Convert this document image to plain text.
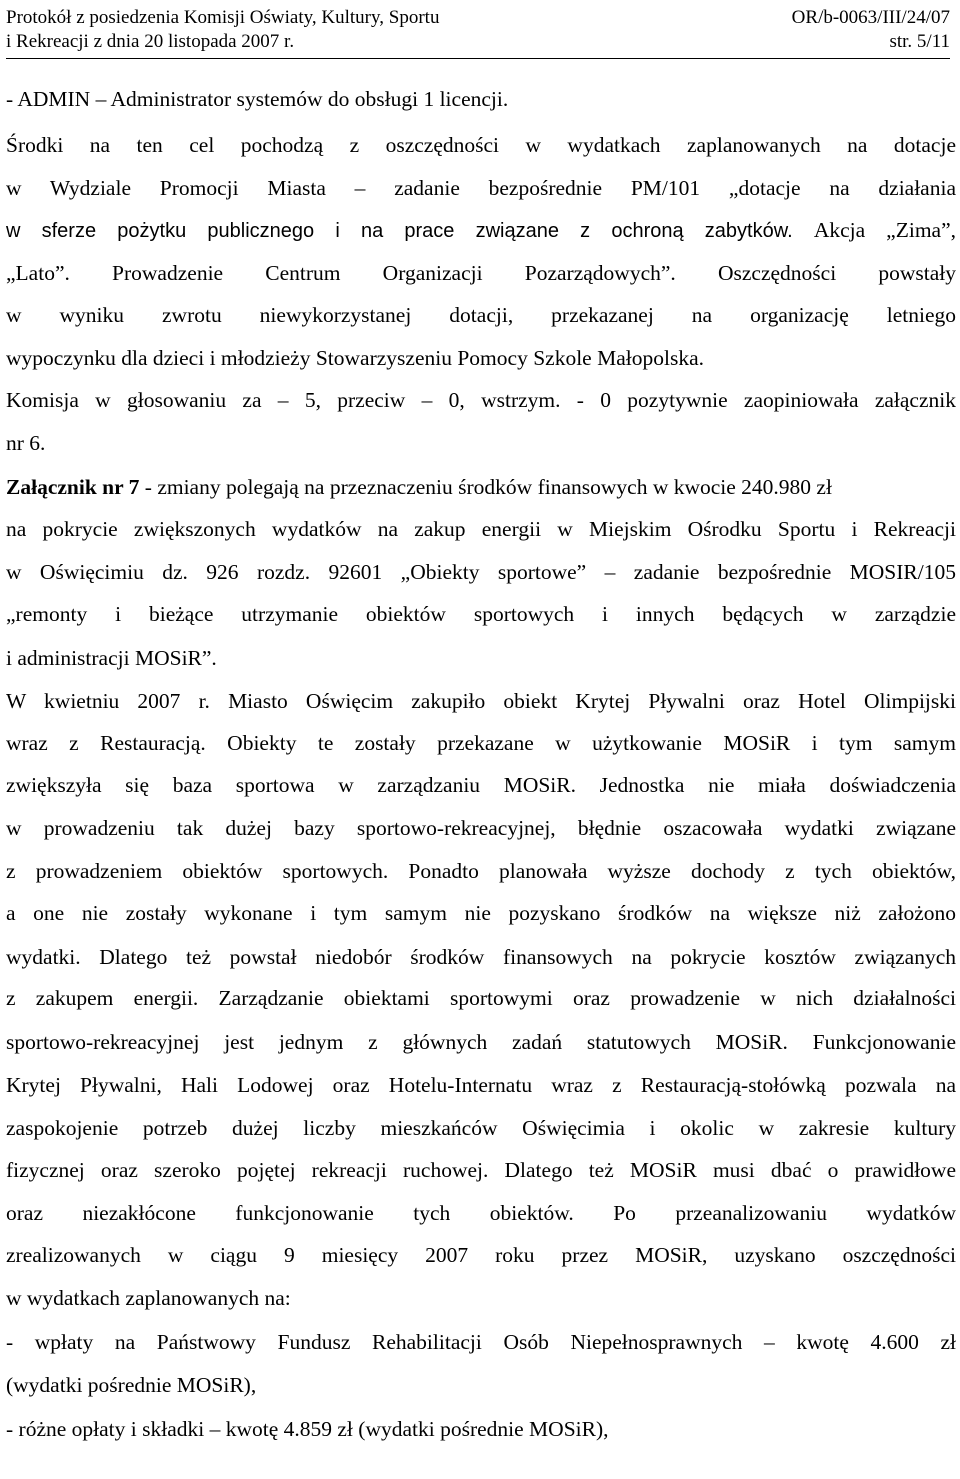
Protokół z posiedzenia Komisji Oświaty, Kultury, Sportu	OR/b-0063/III/24/07
i Rekreacji z dnia 20 listopada 2007 r.	str. 5/11
- ADMIN – Administrator systemów do obsługi 1 licencji.
Środki na ten cel pochodzą z oszczędności w wydatkach zaplanowanych na dotacje
w Wydziale Promocji Miasta – zadanie bezpośrednie PM/101 „dotacje na działania
w sferze pożytku publicznego i na prace związane z ochroną zabytków. Akcja „Zima”,
„Lato”. Prowadzenie Centrum Organizacji Pozarządowych”. Oszczędności powstały
w wyniku zwrotu niewykorzystanej dotacji, przekazanej na organizację letniego
wypoczynku dla dzieci i młodzieży Stowarzyszeniu Pomocy Szkole Małopolska.
Komisja w głosowaniu za – 5, przeciw – 0, wstrzym. - 0 pozytywnie zaopiniowała załącznik
nr 6.
Załącznik nr 7 - zmiany polegają na przeznaczeniu środków finansowych w kwocie 240.980 zł
na pokrycie zwiększonych wydatków na zakup energii w Miejskim Ośrodku Sportu i Rekreacji
w Oświęcimiu dz. 926 rozdz. 92601 „Obiekty sportowe” – zadanie bezpośrednie MOSIR/105
„remonty i bieżące utrzymanie obiektów sportowych i innych będących w zarządzie
i administracji MOSiR”.
W kwietniu 2007 r. Miasto Oświęcim zakupiło obiekt Krytej Pływalni oraz Hotel Olimpijski
wraz z Restauracją. Obiekty te zostały przekazane w użytkowanie MOSiR i tym samym
zwiększyła się baza sportowa w zarządzaniu MOSiR. Jednostka nie miała doświadczenia
w prowadzeniu tak dużej bazy sportowo-rekreacyjnej, błędnie oszacowała wydatki związane
z prowadzeniem obiektów sportowych. Ponadto planowała wyższe dochody z tych obiektów,
a one nie zostały wykonane i tym samym nie pozyskano środków na większe niż założono
wydatki. Dlatego też powstał niedobór środków finansowych na pokrycie kosztów związanych
z zakupem energii. Zarządzanie obiektami sportowymi oraz prowadzenie w nich działalności
sportowo-rekreacyjnej jest jednym z głównych zadań statutowych MOSiR. Funkcjonowanie
Krytej Pływalni, Hali Lodowej oraz Hotelu-Internatu wraz z Restauracją-stołówką pozwala na
zaspokojenie potrzeb dużej liczby mieszkańców Oświęcimia i okolic w zakresie kultury
fizycznej oraz szeroko pojętej rekreacji ruchowej. Dlatego też MOSiR musi dbać o prawidłowe
oraz niezakłócone funkcjonowanie tych obiektów. Po przeanalizowaniu wydatków
zrealizowanych w ciągu 9 miesięcy 2007 roku przez MOSiR, uzyskano oszczędności
w wydatkach zaplanowanych na:
- wpłaty na Państwowy Fundusz Rehabilitacji Osób Niepełnosprawnych – kwotę 4.600 zł
(wydatki pośrednie MOSiR),
- różne opłaty i składki – kwotę 4.859 zł (wydatki pośrednie MOSiR),
